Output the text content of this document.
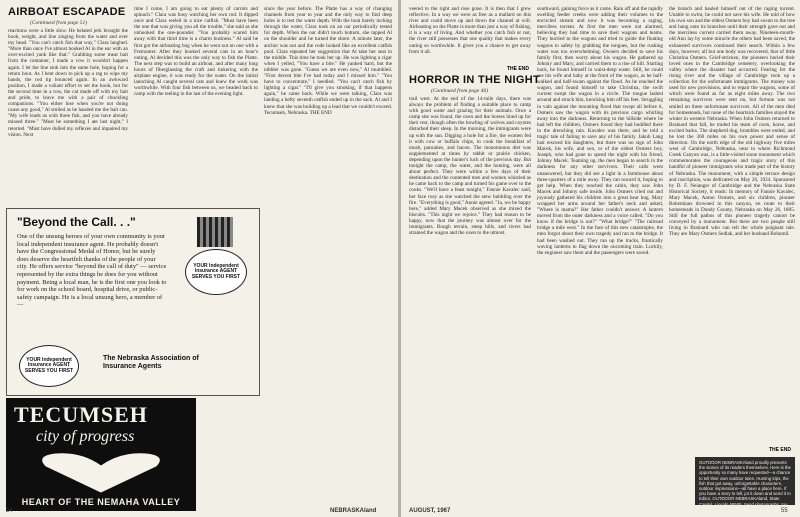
AIRBOAT ESCAPADE

(Continued from page 51)

reactions were a little slow. He belated jerk brought the hook, weight, and line zinging from the water and over my head. "You can't catch fish that way," Clara laughed. "More than once I've almost hooked Al in the ear with an over-excited yank like that." Grabbing some meat bait from the container, I made a vow it wouldn't happen again. I let the line sink into the same hole, hoping for a return bout. As I bent down to pick up a rag to wipe my hands, the rod tip bounced again. In an awkward position, I made a valiant effort to set the hook, but for the second time in a row, the cat made off with my bait and pride, to leave me with a pair of chuckling companions. "You either lose when you're not doing cause any good," Al smiled as he handed me the bait can. "My wife leads us with three fish, and you have already missed three." "Must be something I ate last night," I retorted. "Must have dulled my reflexes and impaired my vision. Next

time I come, I am going to eat plenty of carrots and spinach." Clara was busy watching her own rod. It dipped once and Clara reeled in a nice catfish. "Must have been the one that was giving you all the trouble," she said as she unhooked the one-pounder. "You probably scared him away with that third time is a charm business." Al said he first got the airboating bug when he went out on one with a Fremonter. After they hooked several cats in an hour's outing, Al decided this was the only way to fish the Platte. The next step was to build an airboat, and after many long hours of fiberglassing the craft and tinkering with the airplane engine, it was ready for the water. On the initial launching Al caught several cats and knew the work was worthwhile. With four fish between us, we headed back to camp with the reeling in the last of the evening light.

since the year before. The Platte has a way of changing channels from year to year and the only way to find deep holes is to test the water depth. With the boat barely inching through the water, Clara took on an oar periodically tested for depth. When the oar didn't touch bottom, she tapped Al on the shoulder and he turned the shore. A minute later, the anchor was out and the code looked like an excellent catfish pool. Clara repeated her suggestion that Al take her seat in the middle. This time he took her up. He was lighting a cigar when I yelled, "You have a bite." He yanked hard, but the nibbler was gone. "Guess we are even now," Al mumbled. "First decent bite I've had today and I missed him." "You have to concentrate," I needled. "You can't catch fish by lighting a cigar." "I'll give you smoking, if that happens again," he came back. While we were talking, Clara was landing a hefty seventh catfish ended up in the sack. Al and I knew that she was building up a lead that we couldn't exceed. Tecumseh, Nebraska. THE END

"Beyond the Call. . ."

One of the unsung heroes of your own community is your local independent insurance agent. He probably doesn't have the Congressional Medal of Honor, but he surely does deserve the heartfelt thanks of the people of your city. He offers service "beyond the call of duty" — service represented by the extra things he does for you without payment. Being a local man, he is the first one you look to for work on the school board, hospital drive, or public-safety campaign. He is a local unsung hero, a member of—

YOUR Independent Insurance AGENT SERVES YOU FIRST
YOUR Independent Insurance AGENT SERVES YOU FIRST

The Nebraska Association of Insurance Agents

TECUMSEH

city of progress

HEART OF THE NEMAHA VALLEY

54	NEBRASKAland

veered to the right and rose gone. It is then that I grew reflective. In a way we were as free as a mallard on this river and could move up and down the channel at will. Airboating on the Platte is more than just a way of fishing, it is a way of living. And whether you catch fish or not, the river still possesses that one quality that makes every outing so worthwhile. It gives you a chance to get away from it all.

THE END
HORROR IN THE NIGHT

(Continued from page 46)

trail west. At the end of the 14-mile days, there was always the problem of finding a suitable place to camp with good water and grazing for their animals. Once a camp site was found, the oxen and the horses lined up for their rest, though often the howling of wolves and coyotes disturbed their sleep. In the morning, the immigrants were up with the sun. Digging a hole for a fire, the women fed it with cow or buffalo chips, to cook the breakfast of mush, pancakes, and bacon. The monotonous diet was supplemented at times by rabbit or prairie chicken, depending upon the hunter's luck of the previous day. But tonight the camp, the water, and the hunting, were all about perfect. They were within a few days of their destination and the contented men and women whistled as he came back to the camp and turned his game over to the cooks. "We'll have a feast tonight," Fannie Kavalec said, her face rosy as she watched the stew bubbling over the fire. "Everything is good," Annie agreed. "Ja, wo be happy here," added Mary Macek observed as she mixed the biscuits. "This night we rejoice." They had reason to be happy, now that the journey was almost over for the immigrants. Rough terrain, steep hills, and rivers had strained the wagon and the oxen to the utmost.

southward, gaining force as it came. Rain off and the rapidly swelling feeder creeks were adding their volumes to the encircled stream and now it was becoming a raging, merciless torrent. At first the men were not alarmed, believing they had time to save their wagons and teams. They hurried to the wagons and tried to guide the floating wagons to safety by grabbing the tongues, but the rushing water was too overwhelming. Owners decided to save his family first, then worry about his wagon. He gathered up Johnny and Mary, and carried them to a rise of hill. Starting back, he found himself in waist-deep water. Still, he could see his wife and baby at the front of the wagon, as he half-walked and half-swam against the flood. As he reached the wagon, and found himself to take Christina, the swift current swept the wagon in a circle. The tongue lashed around and struck him, knocking him off his feet. Struggling in vain against the mounting flood that swept all before it, Osmers saw the wagon with its precious cargo whirling away into the darkness. Returning to the hillside where he had left the children, Osmers found they had huddled there in the drenching rain. Kavalec was there, and he told a tragic tale of failing to save any of his family. Jakub Lang had rescued his daughters, but there was no sign of John Macek, his wife, and son, or of the oldest Osmers boy, Joseph, who had gone to spend the night with his friend, Johnny Macek. Teaming up, the men began to search in the darkness for any other survivors. Their calls went unanswered, but they did see a light in a farmhouse about three-quarters of a mile away. They ran toward it, hoping to get help. When they reached the cabin, they saw John Macek and Johnny safe inside. John Osmers cried out and joyously gathered his children into a great bear hug. Mary wrapped her arms around her father's neck and asked, "Where is mama?" Her father couldn't answer. A lantern moved from the outer darkness and a voice called. "Do you know if the bridge is out?" "What bridge?" "The railroad bridge a mile west." In the face of this new catastrophe, the men forgot about their own tragedy and ran to the bridge. It had been washed out. They ran up the tracks, frantically waving lanterns to flag down the oncoming train. Luckily, the engineer saw them and the passengers were saved.

the branch and hauled himself out of the raging torrent. Unable to swim, he could not save his wife. He told of how his own son and the oldest Osmers boy had swum to the tree and hung onto its branches until their strength gave out and the merciless current carried them away. Nineteen-month-old Ann lay by some miracle the others had been saved, the exhausted survivors continued their search. Within a few days, however, all but one body was recovered, that of little Christina Osmers. Grief-stricken, the pioneers buried their loved ones in the Cambridge cemetery, overlooking the valley where the disaster had occurred. Fearing for the rising river and the village of Cambridge took up a collection for the unfortunate immigrants. The money was used for new provisions, and to repair the wagons, some of which were found as far as eight miles away. The two remaining survivors were sent on, but fortune was not smiled on these unfortunate survivors. All of the men died for homesteads, but none of the heartsick families stayed the winter in western Nebraska. When John Osmers returned to Brainard that fall, he traded his team of oxen, horse, and excited barks. The shepherd dog, brambles were ended, and he lost the 360 miles on his own power and sense of direction. On the north edge of the old highway five miles west of Cambridge, Nebraska, near to where Richmond Creek Canyon was, is a little-visited stone monument which commemorates the courageous and tragic story of this handful of pioneer immigrants who made part of the history of Nebraska. The monument, with a simple terrace design and inscription, was dedicated on May 26, 1924. Sponsored by D. F. Neianger of Cambridge and the Nebraska State Historical Society, it reads: In memory of Fannie Kavalec, Mary Macek, Anton Osmers, and six children, pioneer Bohemians drowned in this canyon, en route to their homesteads in Dundy County, Nebraska on May 26, 1885. Still the full pathos of this pioneer tragedy cannot be conveyed by a monument. But there are two people still living in Brainard who can tell the whole poignant tale. They are Mary Osmers Sedlak, and her husband Bohumil.

THE END

OUTDOOR NEBRASKAland proudly presents the stories of its readers themselves. Here is the opportunity so many have requested—a chance to tell their own outdoor tales. Hunting trips, the fish that got away, unforgettable characters, outdoor impressions—all have a place here. If you have a story to tell, jot it down and send it to Editor, OUTDOOR NEBRASKAland, State Capitol, Lincoln 68509. Send photographs, too, if any are available.

AUGUST, 1967	55
